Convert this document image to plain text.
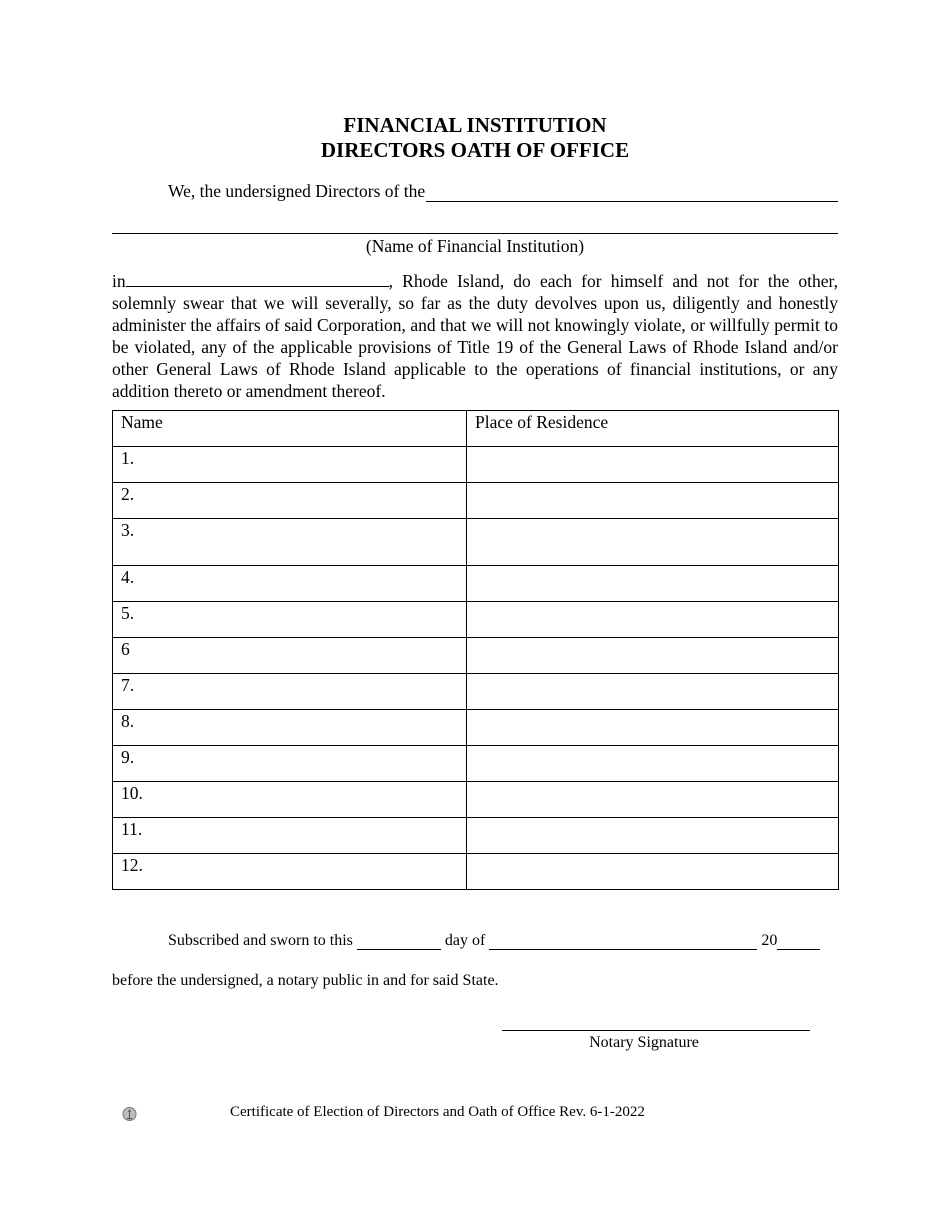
FINANCIAL INSTITUTION
DIRECTORS OATH OF OFFICE
We, the undersigned Directors of the
(Name of Financial Institution)
in	, Rhode Island, do each for himself and not for the other, solemnly swear that we will severally, so far as the duty devolves upon us, diligently and honestly administer the affairs of said Corporation, and that we will not knowingly violate, or willfully permit to be violated, any of the applicable provisions of Title 19 of the General Laws of Rhode Island and/or other General Laws of Rhode Island applicable to the operations of financial institutions, or any addition thereto or amendment thereof.
Name	Place of Residence
1.	
2.	
3.	
4.	
5.	
6	
7.	
8.	
9.	
10.	
11.	
12.	
Subscribed and sworn to this	day of	20
before the undersigned, a notary public in and for said State.
Notary Signature
Certificate of Election of Directors and Oath of Office Rev. 6-1-2022
